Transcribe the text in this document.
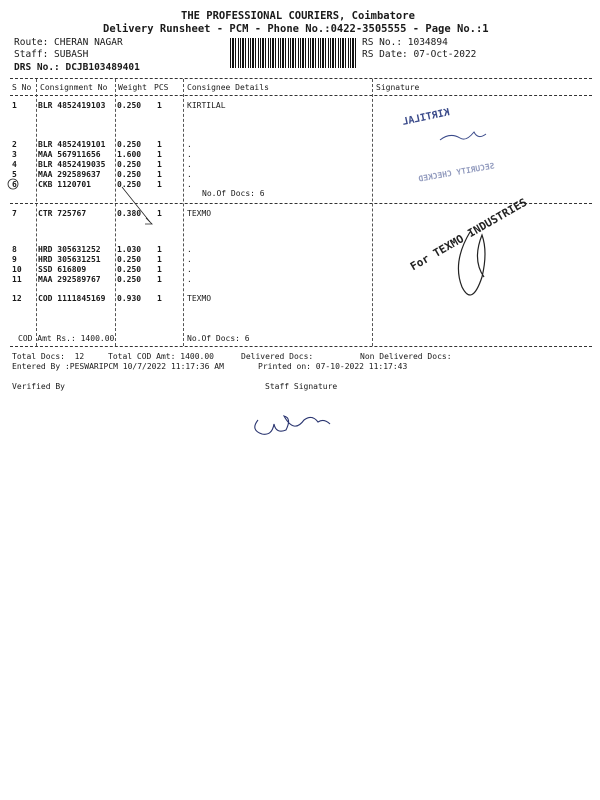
THE PROFESSIONAL COURIERS, Coimbatore
Delivery Runsheet - PCM - Phone No.:0422-3505555 - Page No.:1
Route: CHERAN NAGAR
Staff: SUBASH
DRS No.: DCJB103489401
RS No.: 1034894
RS Date: 07-Oct-2022
S No Consignment No Weight PCS Consignee Details	Signature
1	BLR 4852419103 0.250 1	KIRTILAL
2	BLR 4852419101 0.250 1	.
3	MAA 567911656 1.600 1	.
4	BLR 4852419035 0.250 1	.
5	MAA 292589637 0.250 1	.
6	CKB 1120701	0.250 1	.
No.Of Docs: 6
7	CTR 725767	0.380 1	TEXMO
8	HRD 305631252 1.030 1	.
9	HRD 305631251 0.250 1	.
10 SSD 616809	0.250 1	.
11 MAA 292589767 0.250 1	.
12 COD 1111845169 0.930 1	TEXMO
COD Amt Rs.: 1400.00	No.Of Docs: 6
Total Docs:  12	Total COD Amt: 1400.00	Delivered Docs:	Non Delivered Docs:
Entered By :PESWARIPCM 10/7/2022 11:17:36 AM	Printed on: 07-10-2022 11:17:43
Verified By	Staff Signature
KIRTILAL
SECURITY CHECKED
For TEXMO INDUSTRIES
